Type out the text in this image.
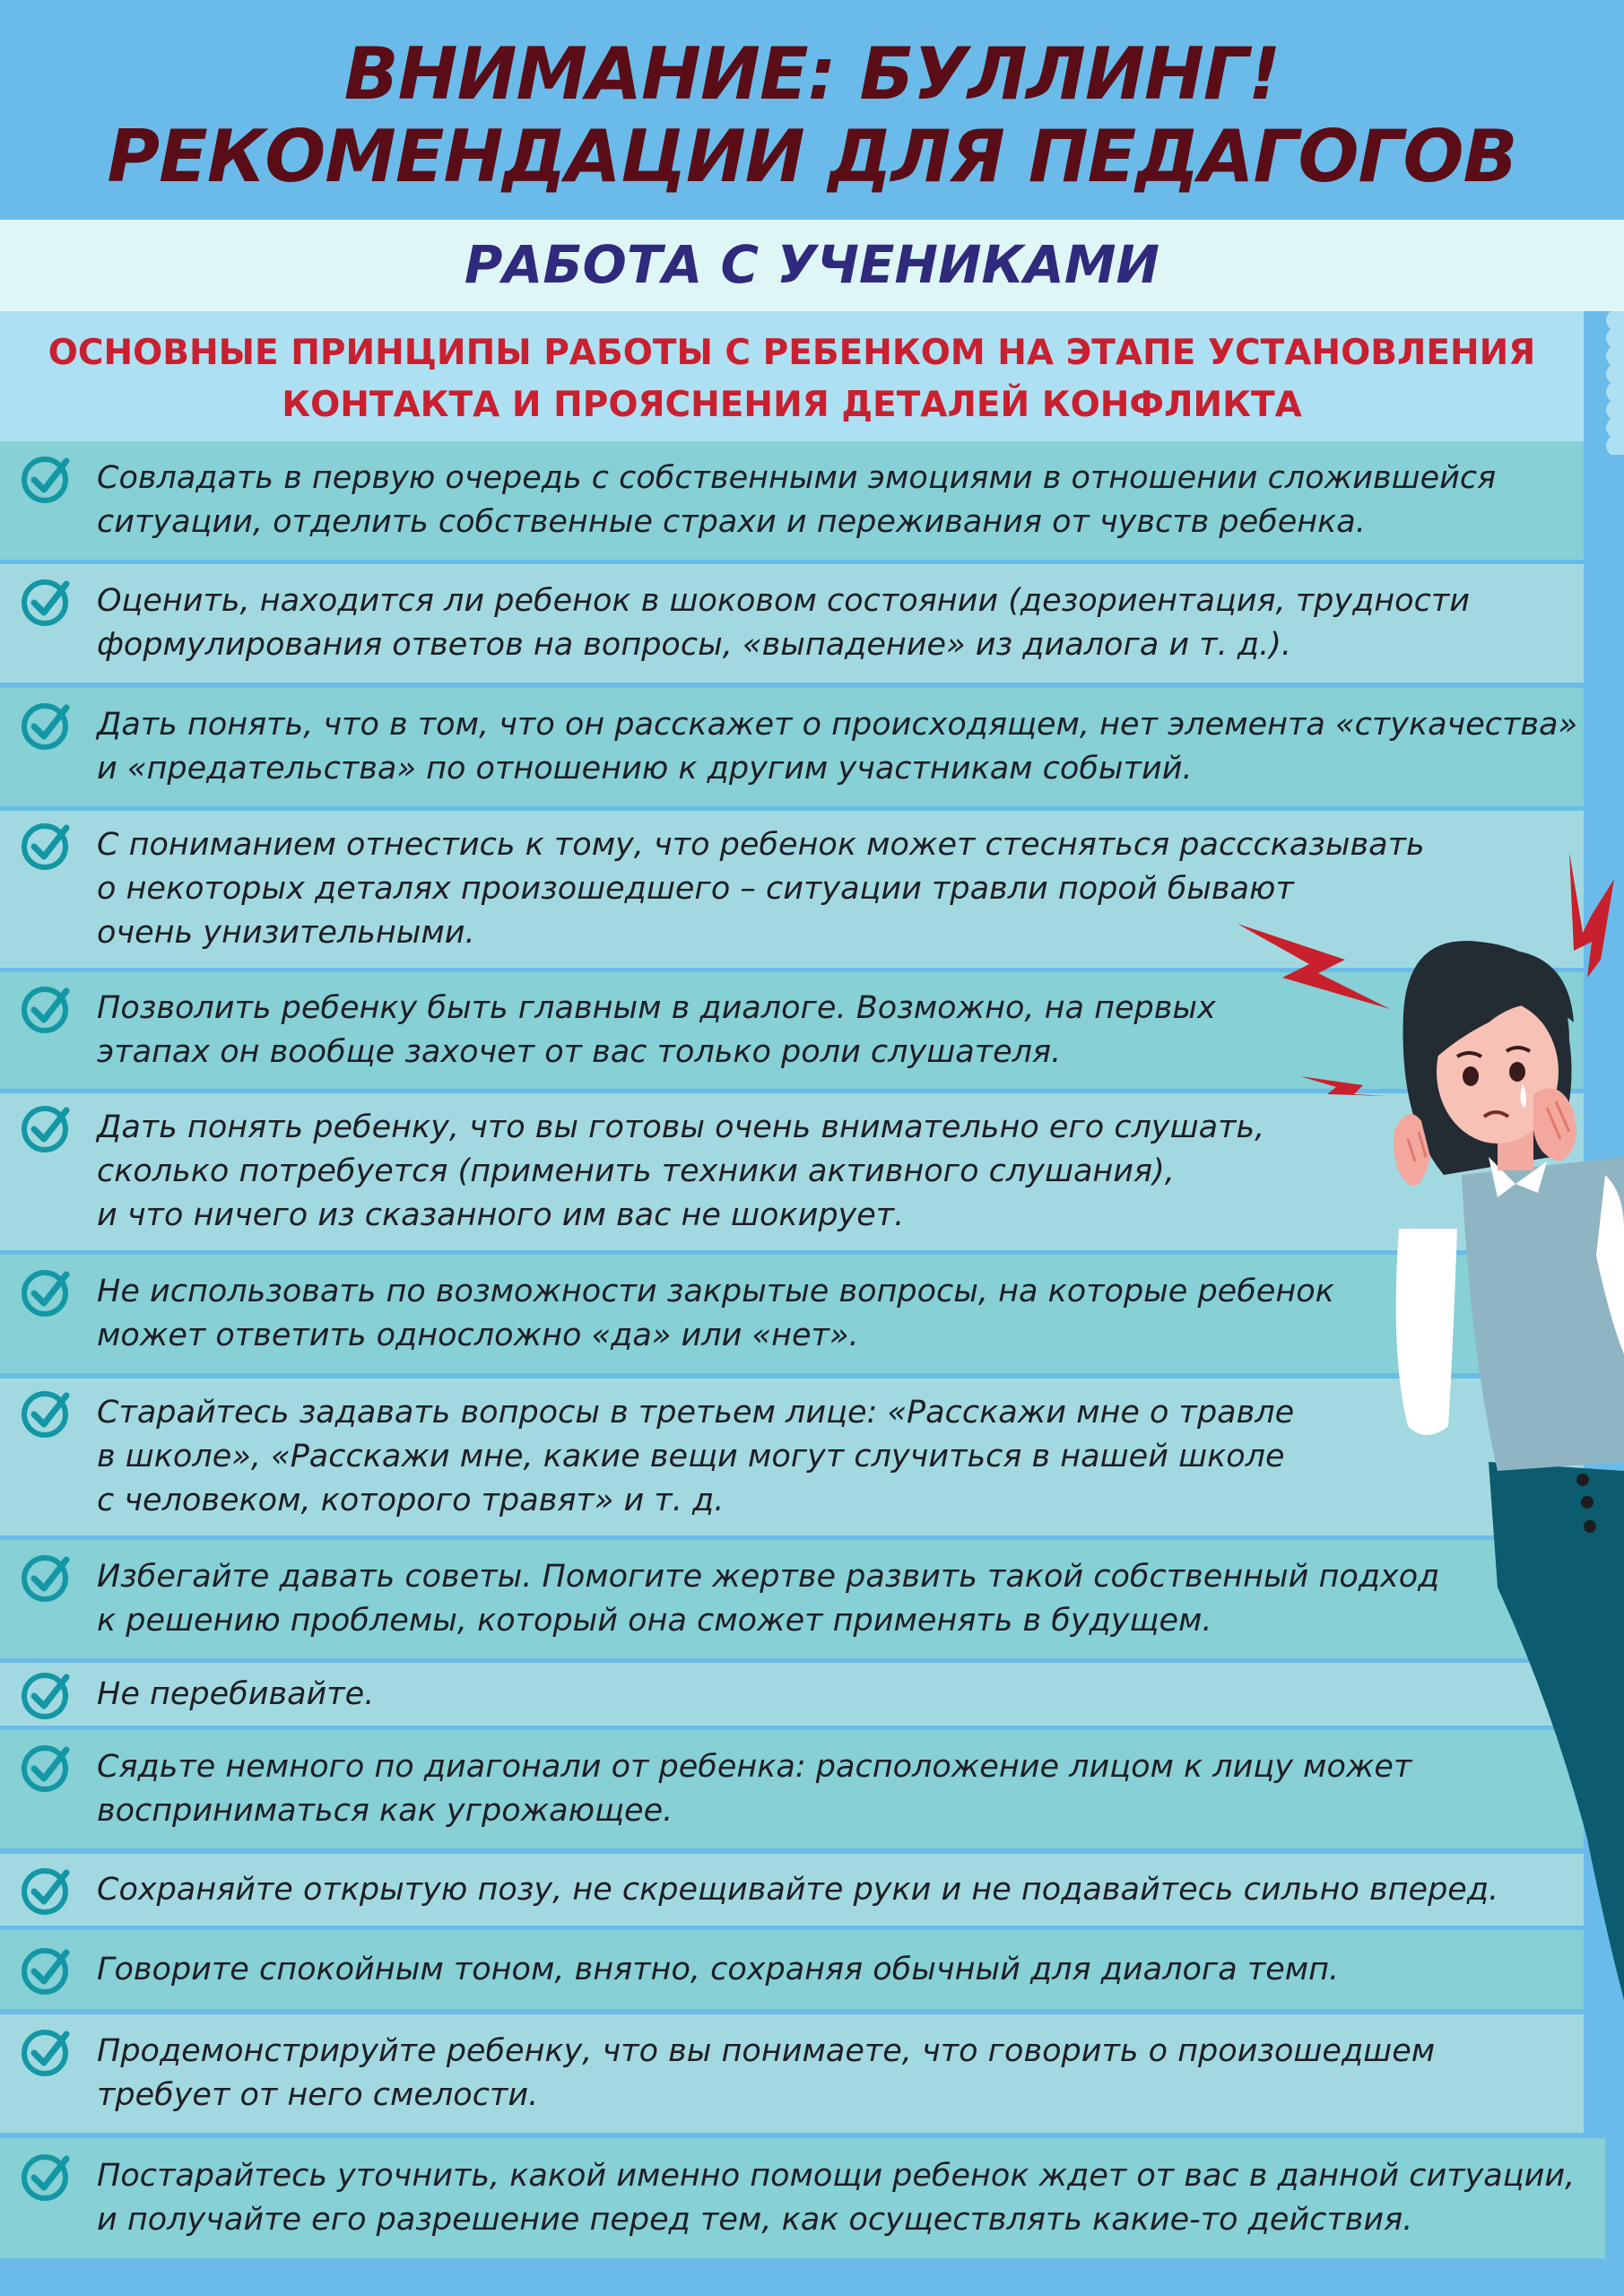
ВНИМАНИЕ: БУЛЛИНГ!
РЕКОМЕНДАЦИИ ДЛЯ ПЕДАГОГОВ
РАБОТА С УЧЕНИКАМИ
ОСНОВНЫЕ ПРИНЦИПЫ РАБОТЫ С РЕБЕНКОМ НА ЭТАПЕ УСТАНОВЛЕНИЯ
КОНТАКТА И ПРОЯСНЕНИЯ ДЕТАЛЕЙ КОНФЛИКТА
Совладать в первую очередь с собственными эмоциями в отношении сложившейся
ситуации, отделить собственные страхи и переживания от чувств ребенка.
Оценить, находится ли ребенок в шоковом состоянии (дезориентация, трудности
формулирования ответов на вопросы, «выпадение» из диалога и т. д.).
Дать понять, что в том, что он расскажет о происходящем, нет элемента «стукачества»
и «предательства» по отношению к другим участникам событий.
С пониманием отнестись к тому, что ребенок может стесняться расссказывать
о некоторых деталях произошедшего – ситуации травли порой бывают
очень унизительными.
Позволить ребенку быть главным в диалоге. Возможно, на первых
этапах он вообще захочет от вас только роли слушателя.
Дать понять ребенку, что вы готовы очень внимательно его слушать,
сколько потребуется (применить техники активного слушания),
и что ничего из сказанного им вас не шокирует.
Не использовать по возможности закрытые вопросы, на которые ребенок
может ответить односложно «да» или «нет».
Старайтесь задавать вопросы в третьем лице: «Расскажи мне о травле
в школе», «Расскажи мне, какие вещи могут случиться в нашей школе
с человеком, которого травят» и т. д.
Избегайте давать советы. Помогите жертве развить такой собственный подход
к решению проблемы, который она сможет применять в будущем.
Не перебивайте.
Сядьте немного по диагонали от ребенка: расположение лицом к лицу может
восприниматься как угрожающее.
Сохраняйте открытую позу, не скрещивайте руки и не подавайтесь сильно вперед.
Говорите спокойным тоном, внятно, сохраняя обычный для диалога темп.
Продемонстрируйте ребенку, что вы понимаете, что говорить о произошедшем
требует от него смелости.
Постарайтесь уточнить, какой именно помощи ребенок ждет от вас в данной ситуации,
и получайте его разрешение перед тем, как осуществлять какие-то действия.
